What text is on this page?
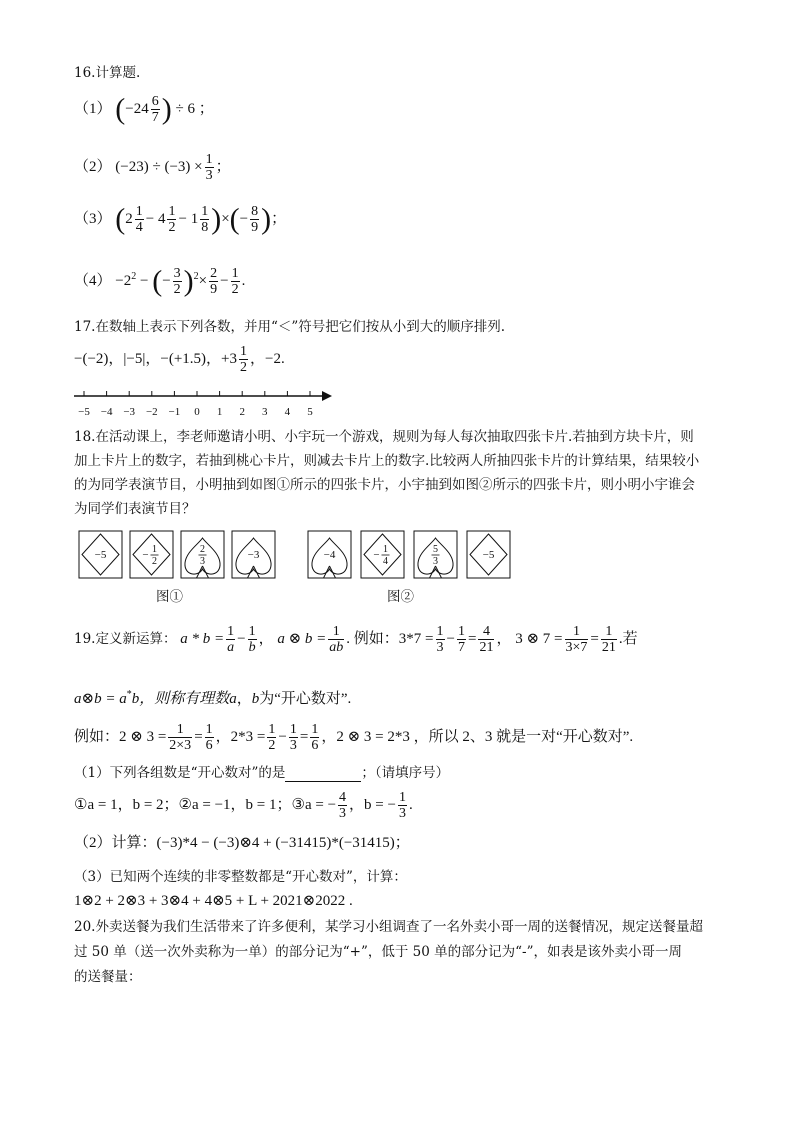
16.计算题.
（1） ($-24 \frac{6}{7}$ ) ÷ 6 ；
（2） $(-23) \div (-3) \times \frac{1}{3}$ ；
（3） ($2 \frac{1}{4} - 4 \frac{1}{2} - 1 \frac{1}{8}$ )×(− $\frac{8}{9}$ )；
$(4) -2^2$ − (− $\frac{3}{2} )^2\times \frac{2}{9} - \frac{1}{2}$ .
17.在数轴上表示下列各数，并用“＜”符号把它们按从小到大的顺序排列.
−(−2)，|−5|，−(+1.5)，$+3 \frac{1}{2}$ ，−2.
−5 −4 −3 −2 −1 0 1 2 3 4 5
18.在活动课上，李老师邀请小明、小宇玩一个游戏，规则为每人每次抽取四张卡片.若抽到方块卡片，则
加上卡片上的数字，若抽到桃心卡片，则减去卡片上的数字.比较两人所抽四张卡片的计算结果，结果较小
的为同学表演节目，小明抽到如图①所示的四张卡片，小宇抽到如图②所示的四张卡片，则小明小宇谁会
为同学们表演节目？
−5	− 1
2
2
3
−3	−4	− 1
4
5
3
−5
图①	图②
19.定义新运算： $a * b = \frac{1}{a} - \frac{1}{b}$ ， a ⊗ $b = \frac{1}{ab}$ . 例如：$3*7 = \frac{1}{3} - \frac{1}{7} = \frac{4}{21}$ ， 3 ⊗ $7 = \frac{1}{3\times 7} = \frac{1}{21}$ .若
a⊗b = a*b，则称有理数a，b为“开心数对”.
例如：2 ⊗ $3 = \frac{1}{2\times 3} = \frac{1}{6}$ ，$2*3 = \frac{1}{2} - \frac{1}{3} = \frac{1}{6}$ ，2 ⊗ 3 = 2*3 ，所以 2、3 就是一对“开心数对”.
（1）下列各组数是“开心数对”的是	；（请填序号）
①a = 1，b = 2；②a = −1，b = 1；③a = − $\frac{4}{3}$ ，b = − $\frac{1}{3}$ .
（2）计算：(−3)*4 − (−3)⊗4 + (−31415)*(−31415)；
（3）已知两个连续的非零整数都是“开心数对”，计算：
1⊗2 + 2⊗3 + 3⊗4 + 4⊗5 + L + 2021⊗2022 .
20.外卖送餐为我们生活带来了许多便利，某学习小组调查了一名外卖小哥一周的送餐情况，规定送餐量超
过 50 单（送一次外卖称为一单）的部分记为“+”，低于 50 单的部分记为“-”，如表是该外卖小哥一周
的送餐量：
